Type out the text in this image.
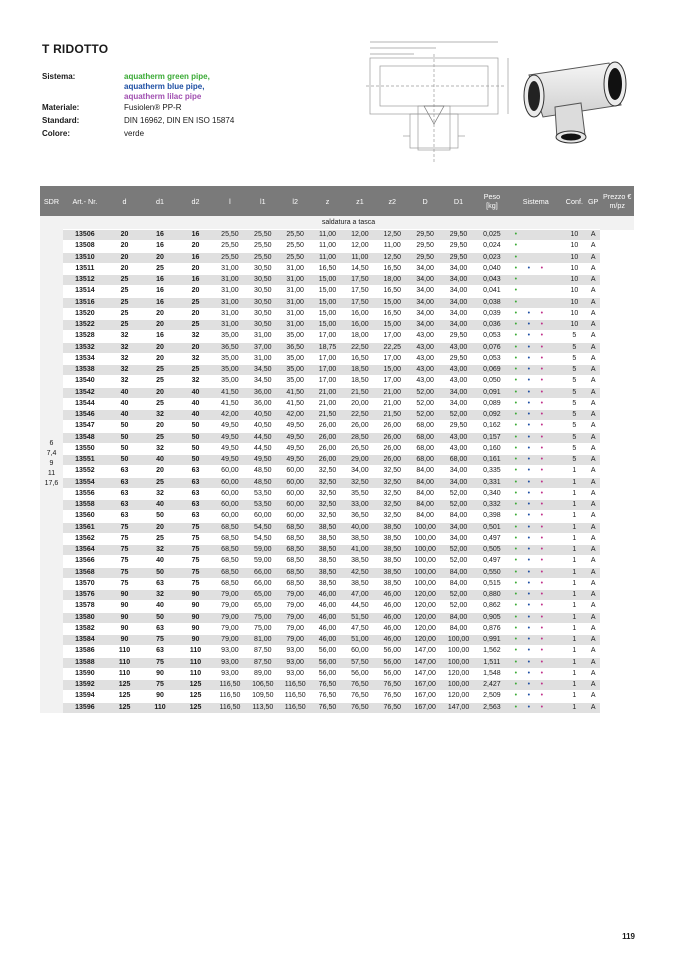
T RIDOTTO
Sistema:	aquatherm green pipe,
aquatherm blue pipe,
aquatherm lilac pipe
Materiale:	Fusiolen® PP-R
Standard:	DIN 16962, DIN EN ISO 15874
Colore:	verde
SDR	Art.- Nr.	d	d1	d2	l	l1	l2	z	z1	z2	D	D1	Peso
[kg]	Sistema	Conf.	GP	Prezzo €
m/pz

6
7,4
9
11
17,6	saldatura a tasca																
	13506	20	16	16	25,50	25,50	25,50	11,00	12,00	12,50	29,50	29,50	0,025	•	10	A	
	13508	20	16	20	25,50	25,50	25,50	11,00	12,00	11,00	29,50	29,50	0,024	•	10	A	
	13510	20	20	16	25,50	25,50	25,50	11,00	11,00	12,50	29,50	29,50	0,023	•	10	A	
	13511	20	25	20	31,00	30,50	31,00	16,50	14,50	16,50	34,00	34,00	0,040	• • •	10	A	
	13512	25	16	16	31,00	30,50	31,00	15,00	17,50	18,00	34,00	34,00	0,043	•	10	A	
	13514	25	16	20	31,00	30,50	31,00	15,00	17,50	16,50	34,00	34,00	0,041	•	10	A	
	13516	25	16	25	31,00	30,50	31,00	15,00	17,50	15,00	34,00	34,00	0,038	•	10	A	
	13520	25	20	20	31,00	30,50	31,00	15,00	16,00	16,50	34,00	34,00	0,039	• • •	10	A	
	13522	25	20	25	31,00	30,50	31,00	15,00	16,00	15,00	34,00	34,00	0,036	• • •	10	A	
	13528	32	16	32	35,00	31,00	35,00	17,00	18,00	17,00	43,00	29,50	0,053	• • •	5	A	
	13532	32	20	20	36,50	37,00	36,50	18,75	22,50	22,25	43,00	43,00	0,076	• • •	5	A	
	13534	32	20	32	35,00	31,00	35,00	17,00	16,50	17,00	43,00	29,50	0,053	• • •	5	A	
	13538	32	25	25	35,00	34,50	35,00	17,00	18,50	15,00	43,00	43,00	0,069	• • •	5	A	
	13540	32	25	32	35,00	34,50	35,00	17,00	18,50	17,00	43,00	43,00	0,050	• • •	5	A	
	13542	40	20	40	41,50	36,00	41,50	21,00	21,50	21,00	52,00	34,00	0,091	• • •	5	A	
	13544	40	25	40	41,50	36,00	41,50	21,00	20,00	21,00	52,00	34,00	0,089	• • •	5	A	
	13546	40	32	40	42,00	40,50	42,00	21,50	22,50	21,50	52,00	52,00	0,092	• • •	5	A	
	13547	50	20	50	49,50	40,50	49,50	26,00	26,00	26,00	68,00	29,50	0,162	• • •	5	A	
	13548	50	25	50	49,50	44,50	49,50	26,00	28,50	26,00	68,00	43,00	0,157	• • •	5	A	
	13550	50	32	50	49,50	44,50	49,50	26,00	26,50	26,00	68,00	43,00	0,160	• • •	5	A	
	13551	50	40	50	49,50	49,50	49,50	26,00	29,00	26,00	68,00	68,00	0,161	• • •	5	A	
	13552	63	20	63	60,00	48,50	60,00	32,50	34,00	32,50	84,00	34,00	0,335	• • •	1	A	
	13554	63	25	63	60,00	48,50	60,00	32,50	32,50	32,50	84,00	34,00	0,331	• • •	1	A	
	13556	63	32	63	60,00	53,50	60,00	32,50	35,50	32,50	84,00	52,00	0,340	• • •	1	A	
	13558	63	40	63	60,00	53,50	60,00	32,50	33,00	32,50	84,00	52,00	0,332	• • •	1	A	
	13560	63	50	63	60,00	60,00	60,00	32,50	36,50	32,50	84,00	84,00	0,398	• • •	1	A	
	13561	75	20	75	68,50	54,50	68,50	38,50	40,00	38,50	100,00	34,00	0,501	• • •	1	A	
	13562	75	25	75	68,50	54,50	68,50	38,50	38,50	38,50	100,00	34,00	0,497	• • •	1	A	
	13564	75	32	75	68,50	59,00	68,50	38,50	41,00	38,50	100,00	52,00	0,505	• • •	1	A	
	13566	75	40	75	68,50	59,00	68,50	38,50	38,50	38,50	100,00	52,00	0,497	• • •	1	A	
	13568	75	50	75	68,50	66,00	68,50	38,50	42,50	38,50	100,00	84,00	0,550	• • •	1	A	
	13570	75	63	75	68,50	66,00	68,50	38,50	38,50	38,50	100,00	84,00	0,515	• • •	1	A	
	13576	90	32	90	79,00	65,00	79,00	46,00	47,00	46,00	120,00	52,00	0,880	• • •	1	A	
	13578	90	40	90	79,00	65,00	79,00	46,00	44,50	46,00	120,00	52,00	0,862	• • •	1	A	
	13580	90	50	90	79,00	75,00	79,00	46,00	51,50	46,00	120,00	84,00	0,905	• • •	1	A	
	13582	90	63	90	79,00	75,00	79,00	46,00	47,50	46,00	120,00	84,00	0,876	• • •	1	A	
	13584	90	75	90	79,00	81,00	79,00	46,00	51,00	46,00	120,00	100,00	0,991	• • •	1	A	
	13586	110	63	110	93,00	87,50	93,00	56,00	60,00	56,00	147,00	100,00	1,562	• • •	1	A	
	13588	110	75	110	93,00	87,50	93,00	56,00	57,50	56,00	147,00	100,00	1,511	• • •	1	A	
	13590	110	90	110	93,00	89,00	93,00	56,00	56,00	56,00	147,00	120,00	1,548	• • •	1	A	
	13592	125	75	125	116,50	106,50	116,50	76,50	76,50	76,50	167,00	100,00	2,427	• • •	1	A	
	13594	125	90	125	116,50	109,50	116,50	76,50	76,50	76,50	167,00	120,00	2,509	• • •	1	A	
	13596	125	110	125	116,50	113,50	116,50	76,50	76,50	76,50	167,00	147,00	2,563	• • •	1	A	
119
